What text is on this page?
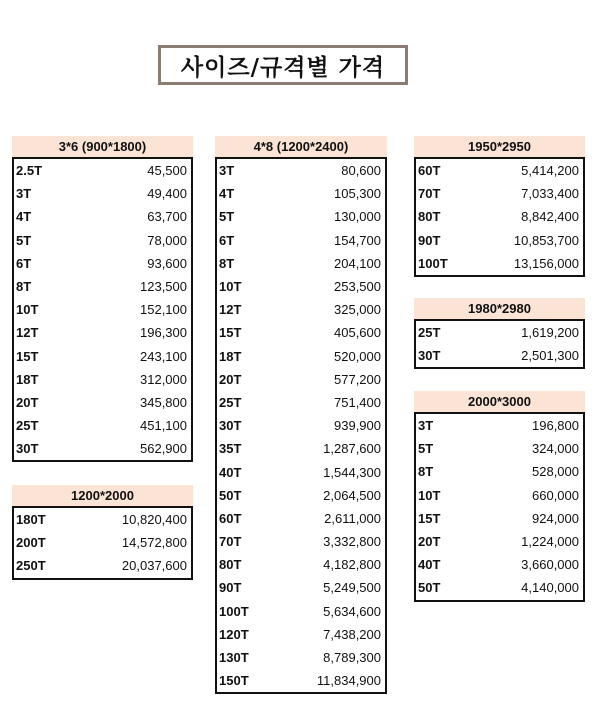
사이즈/규격별 가격
3*6 (900*1800)
2.5T	45,500
3T	49,400
4T	63,700
5T	78,000
6T	93,600
8T	123,500
10T	152,100
12T	196,300
15T	243,100
18T	312,000
20T	345,800
25T	451,100
30T	562,900
1200*2000
180T	10,820,400
200T	14,572,800
250T	20,037,600
4*8 (1200*2400)
3T	80,600
4T	105,300
5T	130,000
6T	154,700
8T	204,100
10T	253,500
12T	325,000
15T	405,600
18T	520,000
20T	577,200
25T	751,400
30T	939,900
35T	1,287,600
40T	1,544,300
50T	2,064,500
60T	2,611,000
70T	3,332,800
80T	4,182,800
90T	5,249,500
100T	5,634,600
120T	7,438,200
130T	8,789,300
150T	11,834,900
1950*2950
60T	5,414,200
70T	7,033,400
80T	8,842,400
90T	10,853,700
100T	13,156,000
1980*2980
25T	1,619,200
30T	2,501,300
2000*3000
3T	196,800
5T	324,000
8T	528,000
10T	660,000
15T	924,000
20T	1,224,000
40T	3,660,000
50T	4,140,000
